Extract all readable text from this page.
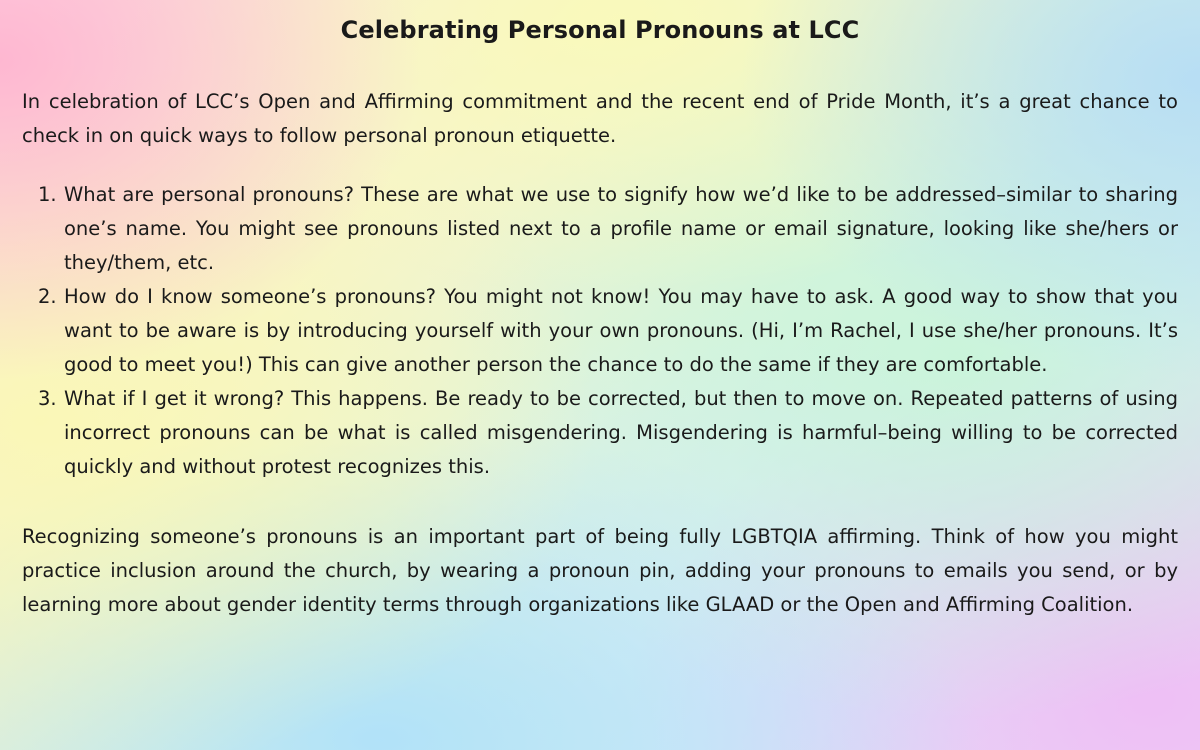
Celebrating Personal Pronouns at LCC

In celebration of LCC’s Open and Affirming commitment and the recent end of Pride Month, it’s a great chance to check in on quick ways to follow personal pronoun etiquette.

1. What are personal pronouns? These are what we use to signify how we’d like to be addressed–similar to sharing one’s name. You might see pronouns listed next to a profile name or email signature, looking like she/hers or they/them, etc.
2. How do I know someone’s pronouns? You might not know! You may have to ask. A good way to show that you want to be aware is by introducing yourself with your own pronouns. (Hi, I’m Rachel, I use she/her pronouns. It’s good to meet you!) This can give another person the chance to do the same if they are comfortable.
3. What if I get it wrong? This happens. Be ready to be corrected, but then to move on. Repeated patterns of using incorrect pronouns can be what is called misgendering. Misgendering is harmful–being willing to be corrected quickly and without protest recognizes this.

Recognizing someone’s pronouns is an important part of being fully LGBTQIA affirming. Think of how you might practice inclusion around the church, by wearing a pronoun pin, adding your pronouns to emails you send, or by learning more about gender identity terms through organizations like GLAAD or the Open and Affirming Coalition.
